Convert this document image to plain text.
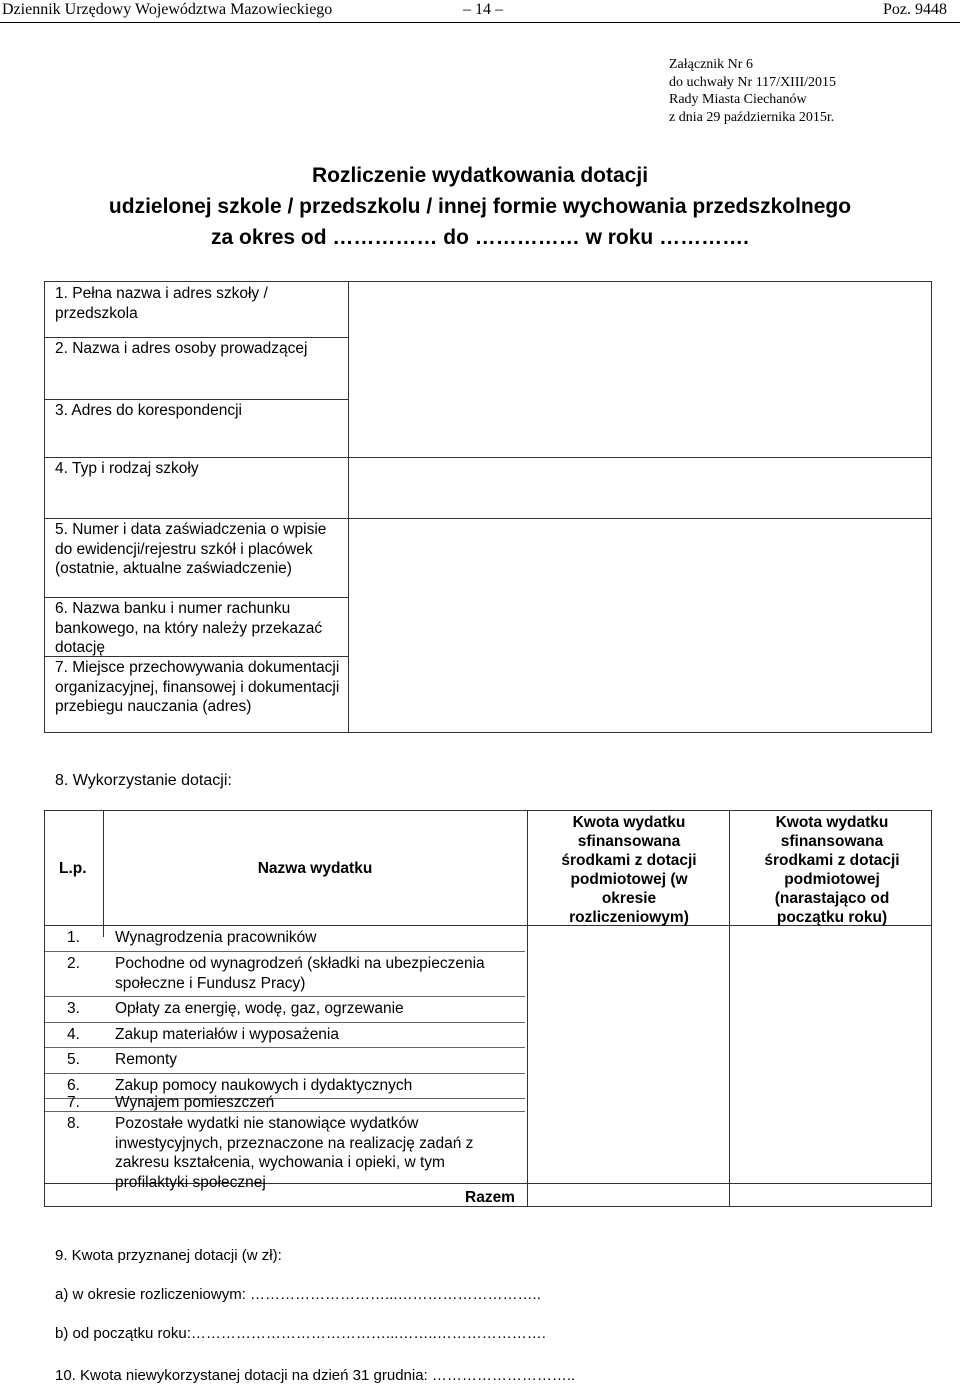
Dziennik Urzędowy Województwa Mazowieckiego	– 14 –	Poz. 9448
Załącznik Nr 6
do uchwały Nr 117/XIII/2015
Rady Miasta Ciechanów
z dnia 29 października 2015r.
Rozliczenie wydatkowania dotacji
udzielonej szkole / przedszkolu / innej formie wychowania przedszkolnego
za okres od …………… do …………… w roku ………….
1. Pełna nazwa i adres szkoły / przedszkola
2. Nazwa i adres osoby prowadzącej
3. Adres do korespondencji
4. Typ i rodzaj szkoły
5. Numer i data zaświadczenia o wpisie do ewidencji/rejestru szkół i placówek (ostatnie, aktualne zaświadczenie)
6. Nazwa banku i numer rachunku bankowego, na który należy przekazać dotację
7. Miejsce przechowywania dokumentacji organizacyjnej, finansowej i dokumentacji przebiegu nauczania (adres)
8. Wykorzystanie dotacji:
L.p.	Nazwa wydatku
Kwota wydatku sfinansowana środkami z dotacji podmiotowej (w okresie rozliczeniowym)
Kwota wydatku sfinansowana środkami z dotacji podmiotowej (narastająco od początku roku)
1. Wynagrodzenia pracowników
2. Pochodne od wynagrodzeń (składki na ubezpieczenia społeczne i Fundusz Pracy)
3. Opłaty za energię, wodę, gaz, ogrzewanie
4. Zakup materiałów i wyposażenia
5. Remonty
6. Zakup pomocy naukowych i dydaktycznych
7. Wynajem pomieszczeń
8. Pozostałe wydatki nie stanowiące wydatków inwestycyjnych, przeznaczone na realizację zadań z zakresu kształcenia, wychowania i opieki, w tym profilaktyki społecznej
Razem
9. Kwota przyznanej dotacji (w zł):
a) w okresie rozliczeniowym: ………………………...………………………..
b) od początku roku:…………………………………...……..………………….
10. Kwota niewykorzystanej dotacji na dzień 31 grudnia: ………………………..
